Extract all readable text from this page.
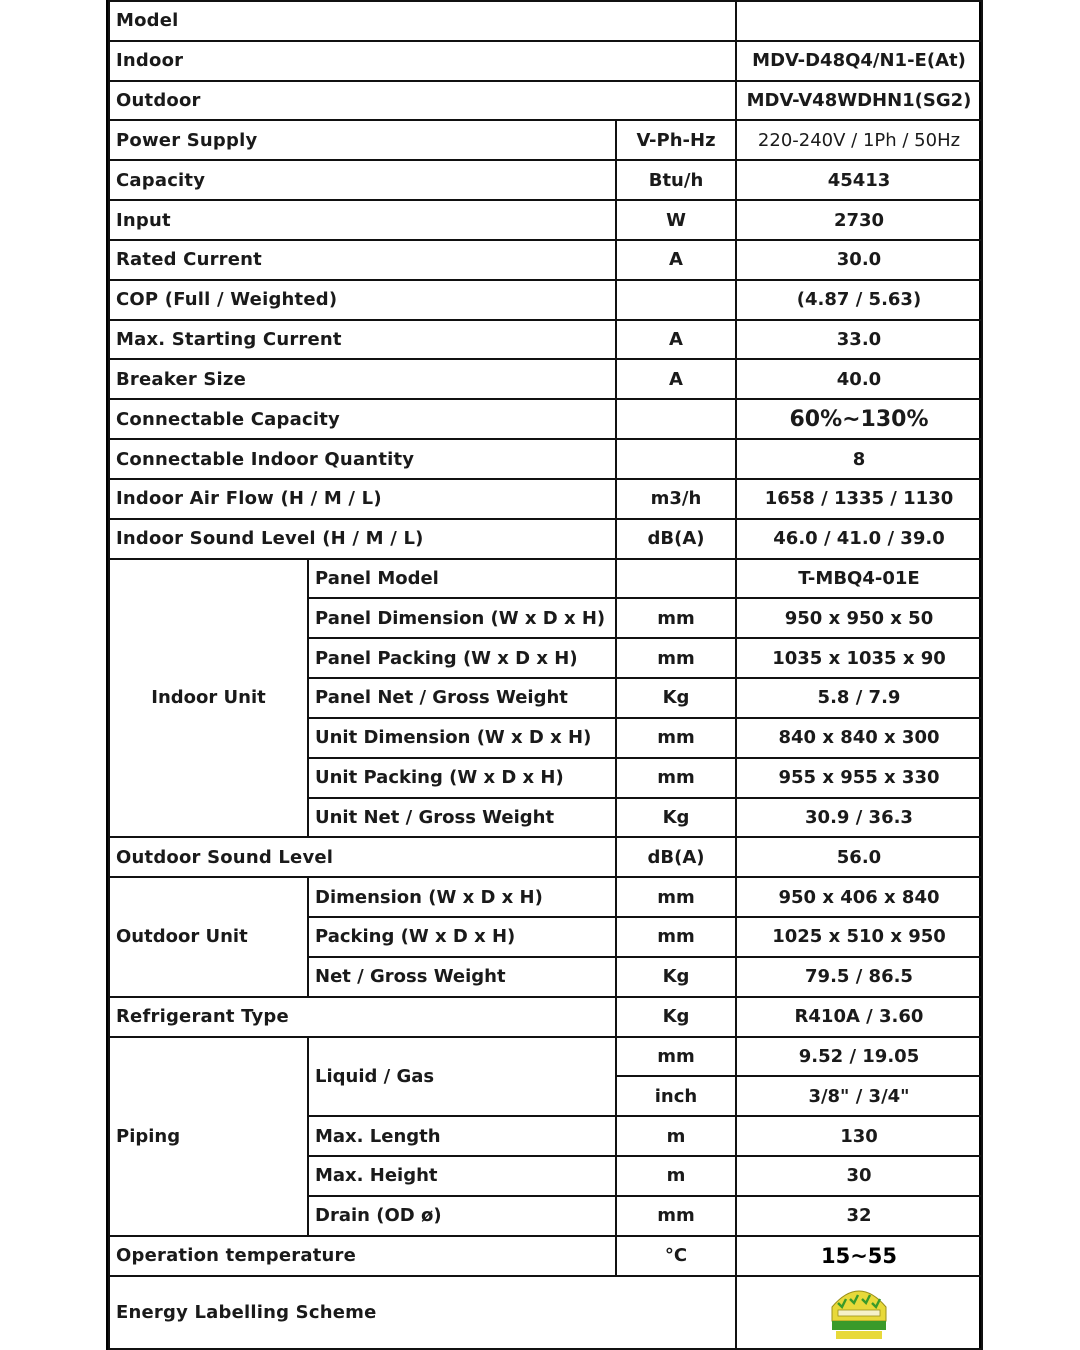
Model			
Indoor			MDV-D48Q4/N1-E(At)
Outdoor			MDV-V48WDHN1(SG2)
Power Supply		V-Ph-Hz	220-240V / 1Ph / 50Hz
Capacity		Btu/h	45413
Input		W	2730
Rated Current		A	30.0
COP (Full / Weighted)			(4.87 / 5.63)
Max. Starting Current		A	33.0
Breaker Size		A	40.0
Connectable Capacity			60%~130%
Connectable Indoor Quantity			8
Indoor Air Flow (H / M / L)		m3/h	1658 / 1335 / 1130
Indoor Sound Level (H / M / L)		dB(A)	46.0 / 41.0 / 39.0
Indoor Unit	Panel Model		T-MBQ4-01E
	Panel Dimension (W x D x H)	mm	950 x 950 x 50
	Panel Packing (W x D x H)	mm	1035 x 1035 x 90
	Panel Net / Gross Weight	Kg	5.8 / 7.9
	Unit Dimension (W x D x H)	mm	840 x 840 x 300
	Unit Packing (W x D x H)	mm	955 x 955 x 330
	Unit Net / Gross Weight	Kg	30.9 / 36.3
Outdoor Sound Level		dB(A)	56.0
Outdoor Unit	Dimension (W x D x H)	mm	950 x 406 x 840
	Packing (W x D x H)	mm	1025 x 510 x 950
	Net / Gross Weight	Kg	79.5 / 86.5
Refrigerant Type		Kg	R410A / 3.60
Piping	Liquid / Gas	mm	9.52 / 19.05
		inch	3/8" / 3/4"
	Max. Length	m	130
	Max. Height	m	30
	Drain (OD ø)	mm	32
Operation temperature		°C	15~55
Energy Labelling Scheme	
